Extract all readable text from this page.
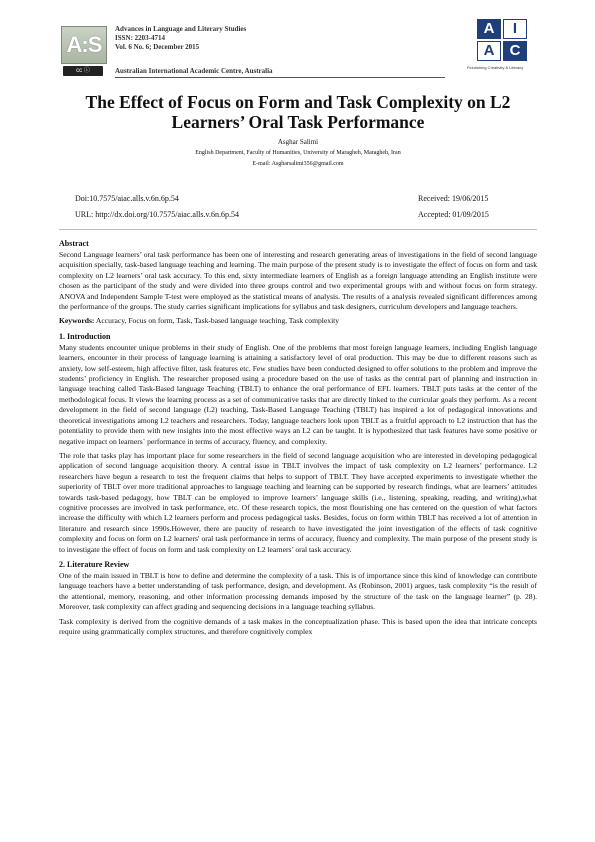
A:S
Advances in Language and Literary Studies
ISSN: 2203-4714
Vol. 6 No. 6; December 2015
cc ⓘ	Australian International Academic Centre, Australia
A	I
A	C
Flourishing Creativity & Literacy
The Effect of Focus on Form and Task Complexity on L2 Learners’ Oral Task Performance
Asghar Salimi
English Department, Faculty of Humanities, University of Maragheh, Maragheh, Iran
E-mail: Asgharsalimi356@gmail.com
Doi:10.7575/aiac.alls.v.6n.6p.54
URL: http://dx.doi.org/10.7575/aiac.alls.v.6n.6p.54
Received: 19/06/2015
Accepted: 01/09/2015
Abstract

Second Language learners’ oral task performance has been one of interesting and research generating areas of investigations in the field of second language acquisition specially, task-based language teaching and learning. The main purpose of the present study is to investigate the effect of focus on form and task complexity on L2 learners’ oral task accuracy. To this end, sixty intermediate learners of English as a foreign language attending an English institute were chosen as the participant of the study and were divided into three groups control and two experimental groups with and without focus on form strategy. ANOVA and Independent Sample T-test were employed as the statistical means of analysis. The results of a analysis revealed significant differences among the performance of the groups. The study carries significant implications for syllabus and task designers, curriculum developers and language teachers.

Keywords: Accuracy, Focus on form, Task, Task-based language teaching, Task complexity

1. Introduction

Many students encounter unique problems in their study of English. One of the problems that most foreign language learners, including English language learners, encounter in their process of language learning is attaining a satisfactory level of oral production. This may be due to different reasons such as anxiety, low self-esteem, high affective filter, task features etc. Few studies have been conducted designed to offer solutions to the problem and improve the students’ proficiency in English. The researcher proposed using a procedure based on the use of tasks as the central part of planning and instruction in language teaching called Task-Based language Teaching (TBLT) to enhance the oral performance of EFL learners. TBLT puts tasks at the center of the methodological focus. It views the learning process as a set of communicative tasks that are directly linked to the curricular goals they perform. As a recent development in the field of second language (L2) teaching, Task-Based Language Teaching (TBLT) has inspired a lot of pedagogical innovations and theoretical investigations among L2 teachers and researchers. Today, language teachers look upon TBLT as a fruitful approach to L2 instruction that has the potentiality to provide them with new insights into the most effective ways an L2 can be taught. It is hypothesized that task features have some positive or negative impact on learners` performance in terms of accuracy, fluency, and complexity.

The role that tasks play has important place for some researchers in the field of second language acquisition who are interested in developing pedagogical application of second language acquisition theory. A central issue in TBLT involves the impact of task complexity on L2 learners’ performance. L2 researchers have begun a research to test the frequent claims that helps to support of TBLT. They have accepted experiments to investigate whether the superiority of TBLT over more traditional approaches to language teaching and learning can be supported by research findings, what are learners’ attitudes towards task-based pedagogy, how TBLT can be employed to improve learners’ language skills (i.e., listening, speaking, reading, and writing),what cognitive processes are involved in task performance, etc. Of these research topics, the most flourishing one has centered on the question of what factors increase the difficulty with which L2 learners perform and process pedagogical tasks. Besides, focus on form within TBLT has received a lot of attention in literature and research since 1990s.However, there are paucity of research to have investigated the joint investigation of the effects of task cognitive complexity and focus on form on L2 learners' oral task performance in terms of accuracy, fluency and complexity. The main purpose of the present study is to investigate the effect of focus on form and task complexity on L2 learners’ oral task accuracy.

2. Literature Review

One of the main issued in TBLT is how to define and determine the complexity of a task. This is of importance since this kind of knowledge can contribute language teachers have a better understanding of task performance, design, and development. As (Robinson, 2001) argues, task complexity “is the result of the attentional, memory, reasoning, and other information processing demands imposed by the structure of the task on the language learner” (p. 28). Moreover, task complexity can affect grading and sequencing decisions in a language teaching syllabus.

Task complexity is derived from the cognitive demands of a task makes in the conceptualization phase. This is based upon the idea that intricate concepts require using grammatically complex structures, and therefore cognitively complex
